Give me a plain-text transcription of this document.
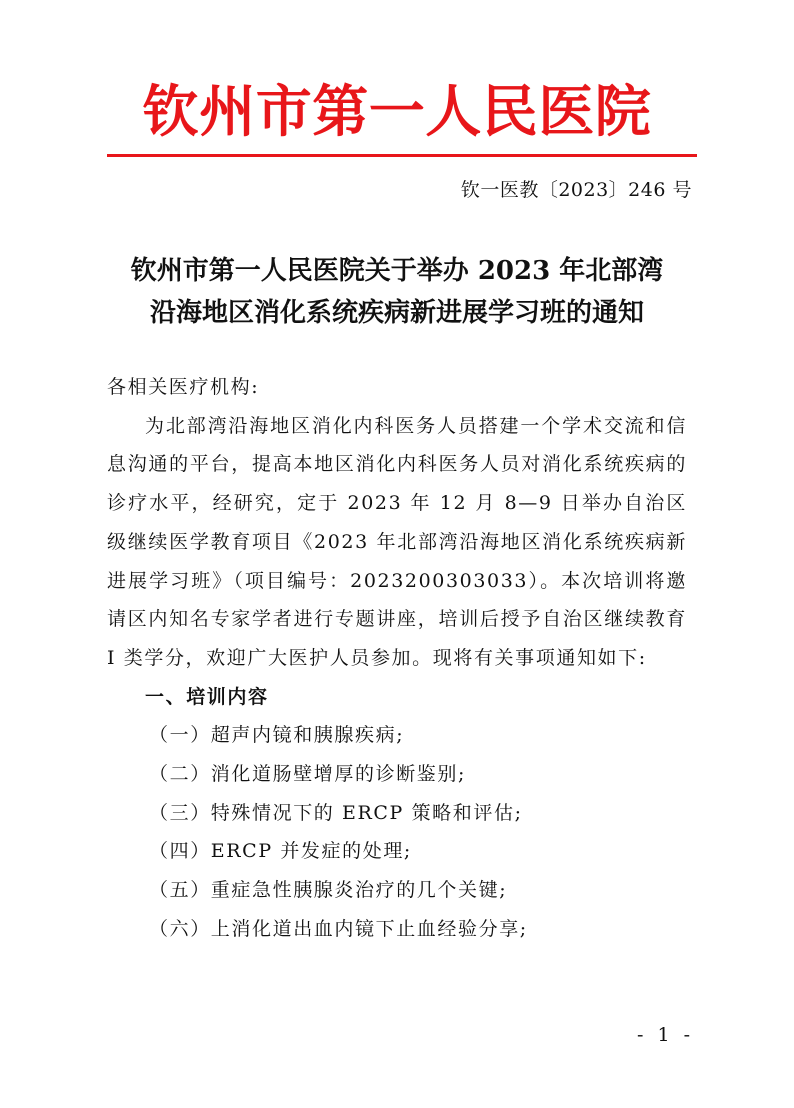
钦州市第一人民医院
钦一医教〔2023〕246 号
钦州市第一人民医院关于举办 2023 年北部湾
沿海地区消化系统疾病新进展学习班的通知

各相关医疗机构:

为北部湾沿海地区消化内科医务人员搭建一个学术交流和信息沟通的平台，提高本地区消化内科医务人员对消化系统疾病的诊疗水平，经研究，定于 2023 年 12 月 8—9 日举办自治区级继续医学教育项目《2023 年北部湾沿海地区消化系统疾病新进展学习班》（项目编号：2023200303033）。本次培训将邀请区内知名专家学者进行专题讲座，培训后授予自治区继续教育 I 类学分，欢迎广大医护人员参加。现将有关事项通知如下:

一、培训内容

（一）超声内镜和胰腺疾病;

（二）消化道肠壁增厚的诊断鉴别;

（三）特殊情况下的 ERCP 策略和评估;

（四）ERCP 并发症的处理;

（五）重症急性胰腺炎治疗的几个关键;

（六）上消化道出血内镜下止血经验分享;

- 1 -
